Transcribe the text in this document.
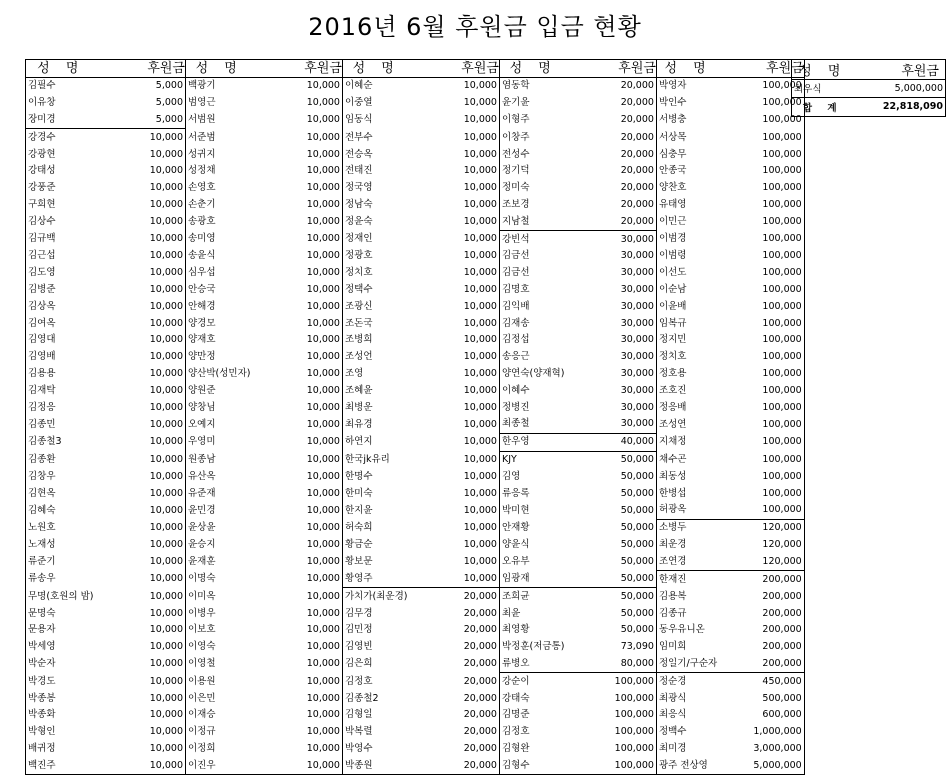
2016년 6월 후원금 입금 현황
성 명	후원금	성 명	후원금	성 명	후원금	성 명	후원금	성 명	후원금
김필수	5,000	백광기	10,000	이혜순	10,000	염동학	20,000	박영자	100,000
이유창	5,000	범영근	10,000	이중열	10,000	윤기윤	20,000	박인수	100,000
장미경	5,000	서범원	10,000	임동식	10,000	이형주	20,000	서병충	100,000
강경수	10,000	서준범	10,000	전부수	10,000	이창주	20,000	서상목	100,000
강광현	10,000	성귀지	10,000	전승옥	10,000	전성수	20,000	심충무	100,000
강태성	10,000	성정채	10,000	전태진	10,000	정기덕	20,000	안종국	100,000
강풍준	10,000	손영호	10,000	정국영	10,000	정미숙	20,000	양찬호	100,000
구희현	10,000	손춘기	10,000	정남숙	10,000	조보경	20,000	유태영	100,000
김상수	10,000	송광호	10,000	정윤숙	10,000	지남철	20,000	이민근	100,000
김규백	10,000	송미영	10,000	정재인	10,000	강빈석	30,000	이범경	100,000
김근섭	10,000	송윤식	10,000	정광호	10,000	김금선	30,000	이범령	100,000
김도영	10,000	심우섭	10,000	정치호	10,000	김금선	30,000	이선도	100,000
김병준	10,000	안승국	10,000	정택수	10,000	김명호	30,000	이순남	100,000
김상옥	10,000	안해경	10,000	조광신	10,000	김익배	30,000	이윤배	100,000
김여옥	10,000	양경모	10,000	조돈국	10,000	김재송	30,000	임복규	100,000
김영대	10,000	양재호	10,000	조병희	10,000	김정섭	30,000	정지민	100,000
김영배	10,000	양만정	10,000	조성언	10,000	송응근	30,000	정치호	100,000
김용용	10,000	양산박(성민자)	10,000	조영	10,000	양연숙(양재혁)	30,000	정호용	100,000
김재탁	10,000	양원준	10,000	조혜윤	10,000	이혜수	30,000	조호진	100,000
김정응	10,000	양창님	10,000	최병운	10,000	정병진	30,000	정응배	100,000
김종민	10,000	오예지	10,000	최유경	10,000	최종철	30,000	조성연	100,000
김종철3	10,000	우영미	10,000	하연지	10,000	한우영	40,000	지채정	100,000
김종환	10,000	원종남	10,000	한국jk유리	10,000	KJY	50,000	채수곤	100,000
김창우	10,000	유산옥	10,000	한명수	10,000	김영	50,000	최동성	100,000
김현옥	10,000	유준재	10,000	한미숙	10,000	류응록	50,000	한병섭	100,000
김혜숙	10,000	윤민경	10,000	한지윤	10,000	박미현	50,000	허광옥	100,000
노원호	10,000	윤상윤	10,000	허숙희	10,000	안재황	50,000	소병두	120,000
노재성	10,000	윤승지	10,000	황금순	10,000	양윤식	50,000	최운경	120,000
류준기	10,000	윤재훈	10,000	황보문	10,000	오유부	50,000	조연경	120,000
류송우	10,000	이명숙	10,000	황영주	10,000	임광재	50,000	한재진	200,000
무명(호원의 밤)	10,000	이미옥	10,000	가치가(최운경)	20,000	조희균	50,000	김용복	200,000
문명숙	10,000	이병우	10,000	김무경	20,000	최윤	50,000	김종규	200,000
문용자	10,000	이보호	10,000	김민정	20,000	최영황	50,000	동우유니온	200,000
박세영	10,000	이영숙	10,000	김영빈	20,000	박정훈(저금통)	73,090	임미희	200,000
박순자	10,000	이영철	10,000	김은희	20,000	류병오	80,000	정일기/구순자	200,000
박경도	10,000	이용원	10,000	김정호	20,000	강순이	100,000	정순경	450,000
박종봉	10,000	이은민	10,000	김종철2	20,000	강태숙	100,000	최광식	500,000
박종화	10,000	이재승	10,000	김형일	20,000	김명준	100,000	최응식	600,000
박형인	10,000	이정규	10,000	박복렬	20,000	김정호	100,000	정백수	1,000,000
배귀정	10,000	이정희	10,000	박영수	20,000	김형완	100,000	최미경	3,000,000
백진주	10,000	이진우	10,000	박종원	20,000	김형수	100,000	광주 전상영	5,000,000
성 명	후원금
최우식	5,000,000
합 계	22,818,090
